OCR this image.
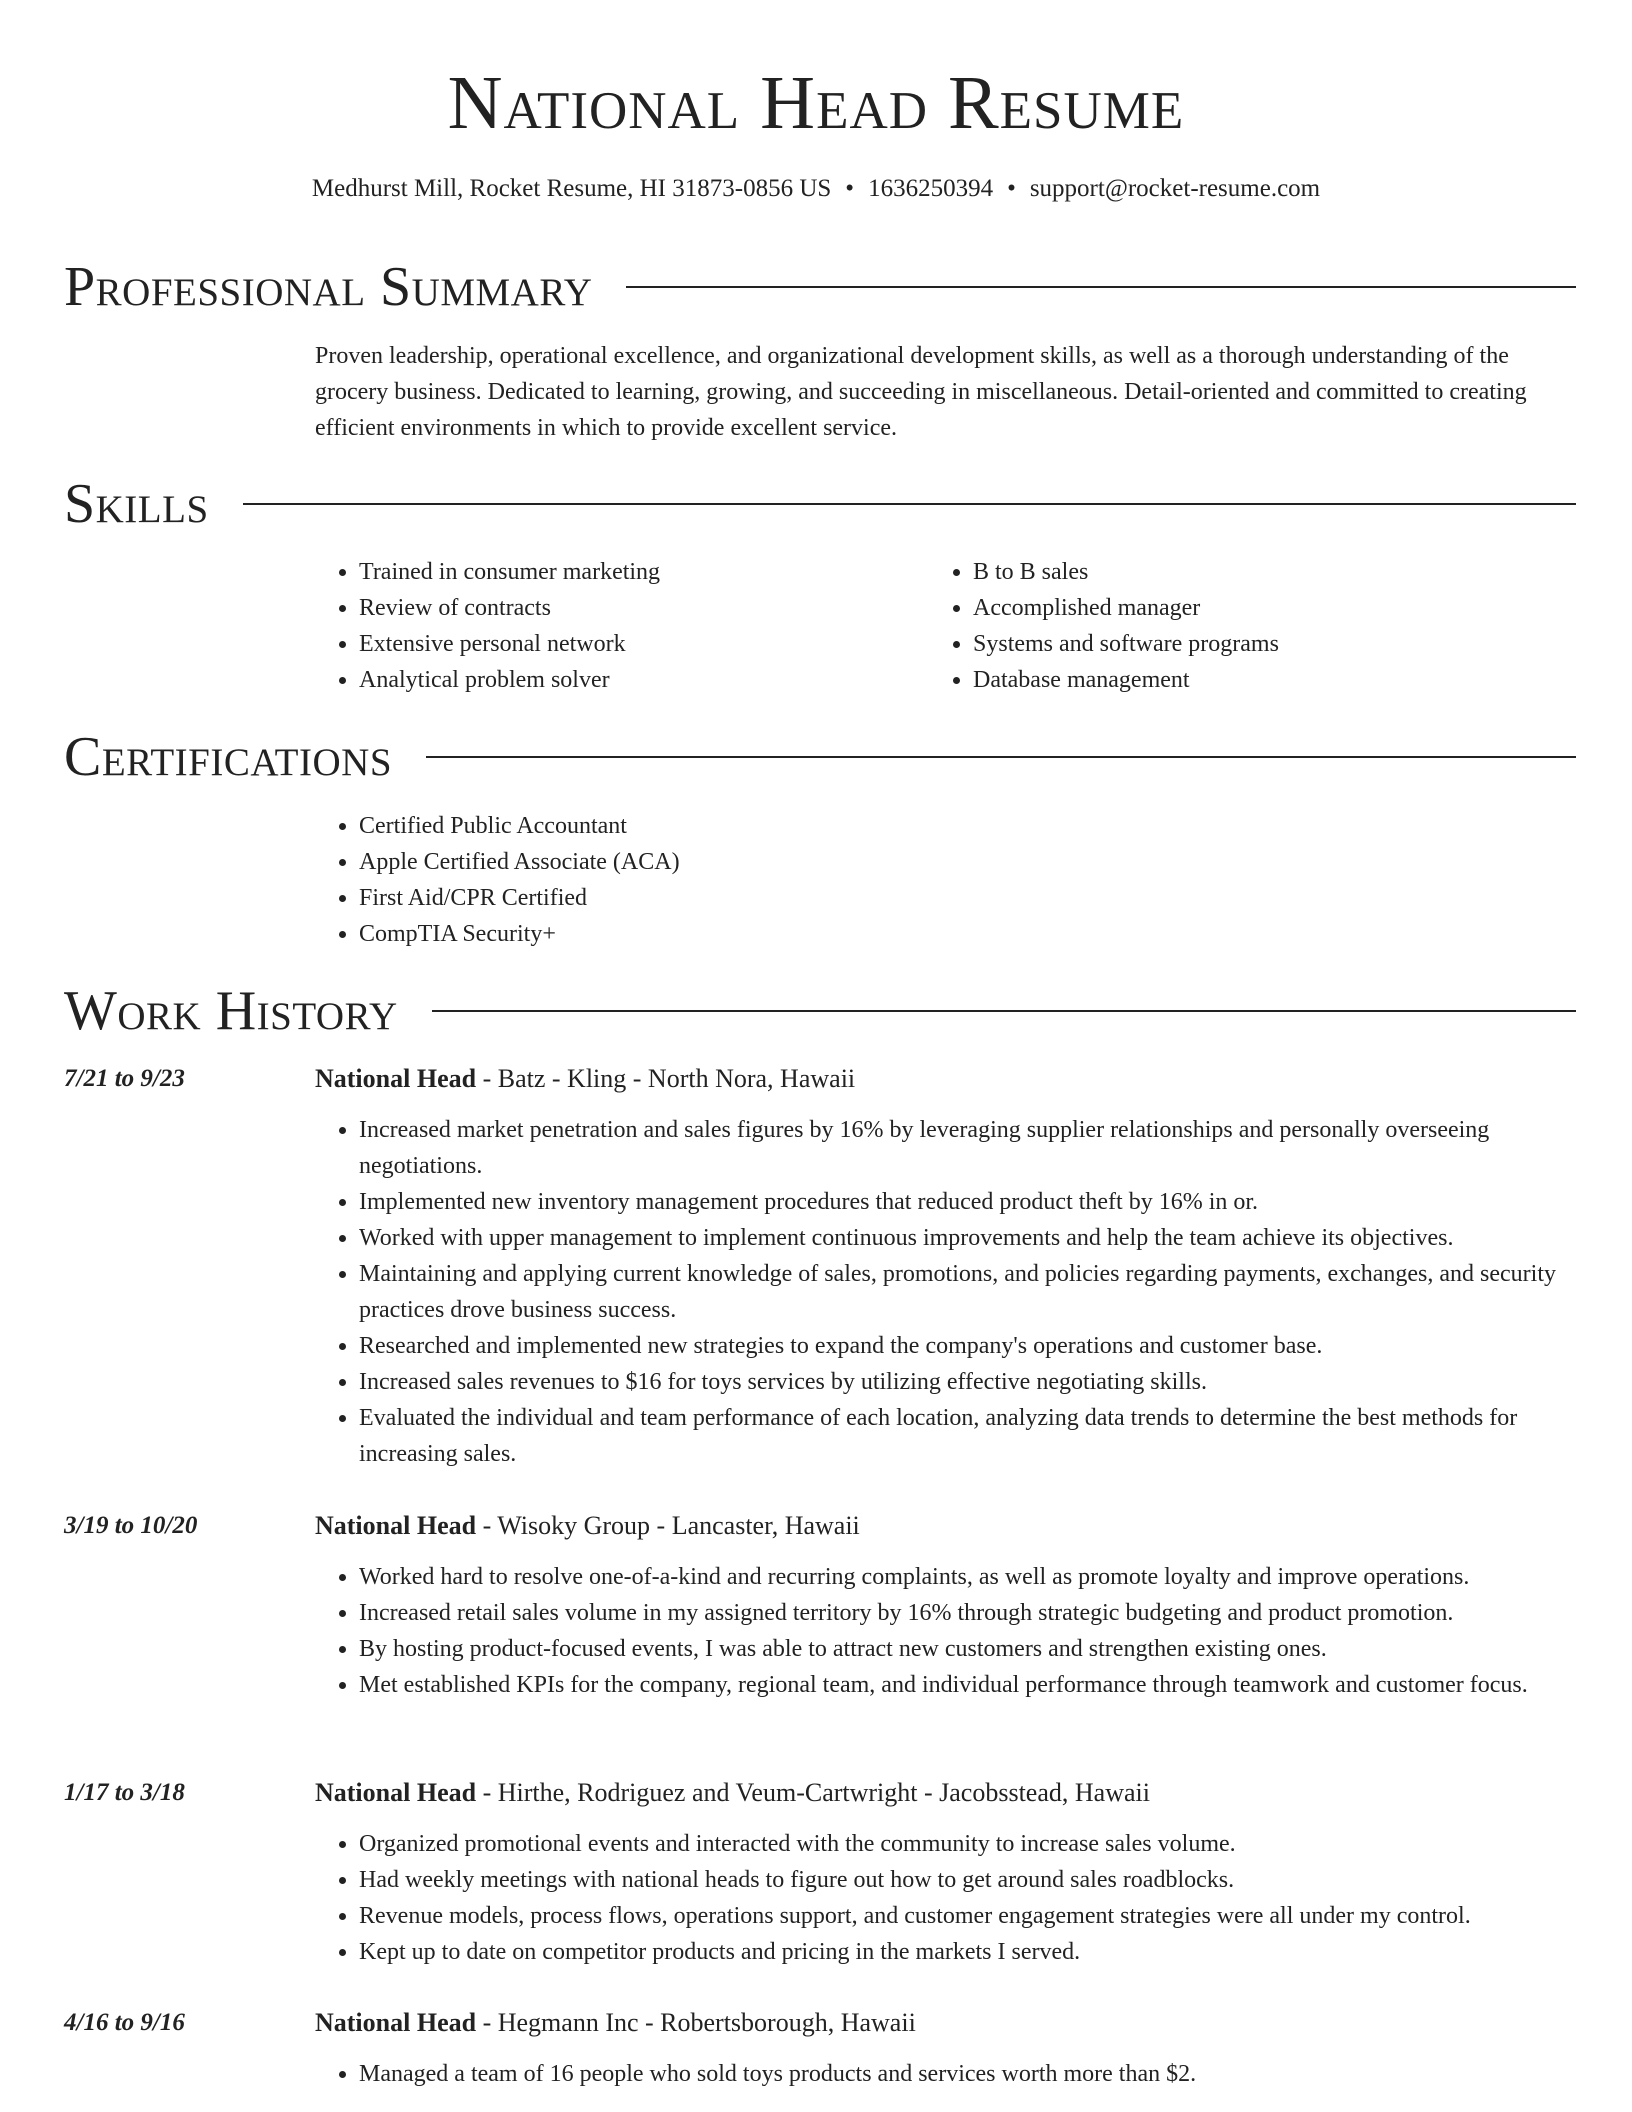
National Head Resume
Medhurst Mill, Rocket Resume, HI 31873-0856 US • 1636250394 • support@rocket-resume.com
Professional Summary
Proven leadership, operational excellence, and organizational development skills, as well as a thorough understanding of the grocery business. Dedicated to learning, growing, and succeeding in miscellaneous. Detail-oriented and committed to creating efficient environments in which to provide excellent service.
Skills
• Trained in consumer marketing
• Review of contracts
• Extensive personal network
• Analytical problem solver
• B to B sales
• Accomplished manager
• Systems and software programs
• Database management
Certifications
• Certified Public Accountant
• Apple Certified Associate (ACA)
• First Aid/CPR Certified
• CompTIA Security+
Work History
7/21 to 9/23	National Head - Batz - Kling - North Nora, Hawaii
• Increased market penetration and sales figures by 16% by leveraging supplier relationships and personally overseeing negotiations.
• Implemented new inventory management procedures that reduced product theft by 16% in or.
• Worked with upper management to implement continuous improvements and help the team achieve its objectives.
• Maintaining and applying current knowledge of sales, promotions, and policies regarding payments, exchanges, and security practices drove business success.
• Researched and implemented new strategies to expand the company's operations and customer base.
• Increased sales revenues to $16 for toys services by utilizing effective negotiating skills.
• Evaluated the individual and team performance of each location, analyzing data trends to determine the best methods for increasing sales.
3/19 to 10/20	National Head - Wisoky Group - Lancaster, Hawaii
• Worked hard to resolve one-of-a-kind and recurring complaints, as well as promote loyalty and improve operations.
• Increased retail sales volume in my assigned territory by 16% through strategic budgeting and product promotion.
• By hosting product-focused events, I was able to attract new customers and strengthen existing ones.
• Met established KPIs for the company, regional team, and individual performance through teamwork and customer focus.
1/17 to 3/18	National Head - Hirthe, Rodriguez and Veum-Cartwright - Jacobsstead, Hawaii
• Organized promotional events and interacted with the community to increase sales volume.
• Had weekly meetings with national heads to figure out how to get around sales roadblocks.
• Revenue models, process flows, operations support, and customer engagement strategies were all under my control.
• Kept up to date on competitor products and pricing in the markets I served.
4/16 to 9/16	National Head - Hegmann Inc - Robertsborough, Hawaii
• Managed a team of 16 people who sold toys products and services worth more than $2.
